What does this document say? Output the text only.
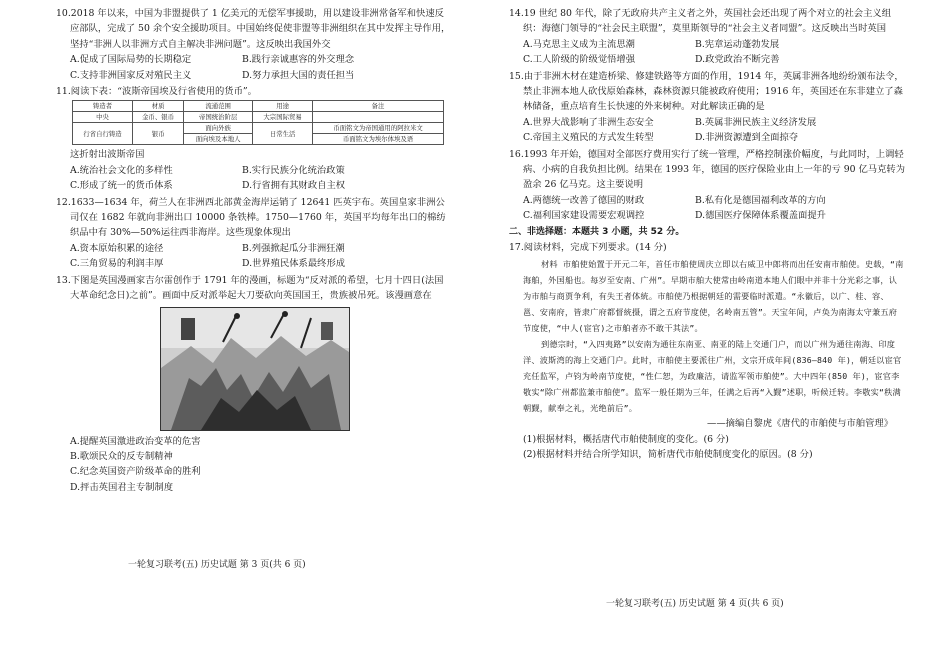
10.2018 年以来，中国为非盟提供了 1 亿美元的无偿军事援助，用以建设非洲常备军和快速反应部队，完成了 50 余个安全援助项目。中国始终促使非盟等非洲组织在其中发挥主导作用，坚持“非洲人以非洲方式自主解决非洲问题”。这反映出我国外交
A.促成了国际局势的长期稳定	B.践行亲诚惠容的外交理念
C.支持非洲国家反对殖民主义	D.努力承担大国的责任担当
11.阅读下表：“波斯帝国埃及行省使用的货币”。
铸造者	材质	流通范围	用途	备注
中央	金币、银币	帝国统治阶层	大宗国际贸易	
行省自行铸造	银币	面向外族	日常生活	币面铭文为帝国通用的阿拉米文
		面向埃及本地人		币面铭文为埃尔体埃及语
这折射出波斯帝国
A.统治社会文化的多样性	B.实行民族分化统治政策
C.形成了统一的货币体系	D.行省拥有其财政自主权
12.1633—1634 年，荷兰人在非洲西北部黄金海岸运销了 12641 匹英宇布。英国皇家非洲公司仅在 1682 年就向非洲出口 10000 条铁棒。1750—1760 年，英国平均每年出口的棉纺织品中有 30%—50%运往西非海岸。这些现象体现出
A.资本原始积累的途径	B.列强掀起瓜分非洲狂潮
C.三角贸易的利润丰厚	D.世界殖民体系最终形成
13.下图是英国漫画家吉尔雷创作于 1791 年的漫画，标题为“反对派的希望，七月十四日(法国大革命纪念日)之前”。画面中反对派举起大刀要砍向英国国王，贵族被吊死。该漫画意在
A.提醒英国激进政治变革的危害
B.歌颂民众的反专制精神
C.纪念英国资产阶级革命的胜利
D.抨击英国君主专制制度
一轮复习联考(五) 历史试题 第 3 页(共 6 页)
14.19 世纪 80 年代，除了无政府共产主义者之外，英国社会还出现了两个对立的社会主义组织：海德门领导的“社会民主联盟”，莫里斯领导的“社会主义者同盟”。这反映出当时英国
A.马克思主义成为主流思潮	B.宪章运动蓬勃发展
C.工人阶级的阶级觉悟增强	D.政党政治不断完善
15.由于非洲木材在建造桥梁、修建铁路等方面的作用，1914 年，英属非洲各地纷纷颁布法令，禁止非洲本地人砍伐原始森林，森林资源只能被政府使用；1916 年，英国还在东非建立了森林储备，重点培育生长快速的外来树种。对此解读正确的是
A.世界大战影响了非洲生态安全	B.英属非洲民族主义经济发展
C.帝国主义殖民的方式发生转型	D.非洲资源遭到全面掠夺
16.1993 年开始，德国对全部医疗费用实行了统一管理，严格控制涨价幅度，与此同时，上调轻病、小病的自我负担比例。结果在 1993 年，德国的医疗保险业由上一年的亏 90 亿马克转为盈余 26 亿马克。这主要说明
A.两德统一改善了德国的财政	B.私有化是德国福利改革的方向
C.福利国家建设需要宏观调控	D.德国医疗保障体系覆盖面提升
二、非选择题：本题共 3 小题，共 52 分。
17.阅读材料，完成下列要求。(14 分)

材料 市舶使始置于开元二年，首任市舶使周庆立即以右威卫中郎将而出任安南市舶使。史载，“南海舶，外国船也。每岁至安南、广州”。早期市舶大使常由岭南道本地人们眼中并非十分光彩之事，认为市舶与商贾争利，有失王者体統。市舶使乃根据朝廷的需要临时派遣。“永徽后，以广、桂、容、邕、安南府，皆隶广府都督統摄，谓之五府节度使，名岭南五管”。天宝年间，卢奂为南海太守兼五府节度使，“中人(宦官)之市舶者亦不敢干其法”。

到德宗时，“入四夷路”以安南为通往东南亚、南亚的陆上交通门户，而以广州为通往南海、印度洋、波斯湾的海上交通门户。此时，市舶使主要派往广州，文宗开成年间(836—840 年)，朝廷以宦官充任监军，卢钧为岭南节度使，“性仁恕，为政廉洁，请监军领市舶使”。大中四年(850 年)，宦官李敬实“除广州都监兼市舶使”。监军一般任期为三年，任满之后再“入觐”述职，听候迁转。李敬实“秩满朝觐，献奉之礼，光绝前后”。

——摘编自黎虎《唐代的市舶使与市舶管理》
(1)根据材料，概括唐代市舶使制度的变化。(6 分)
(2)根据材料并结合所学知识，简析唐代市舶使制度变化的原因。(8 分)
一轮复习联考(五) 历史试题 第 4 页(共 6 页)
